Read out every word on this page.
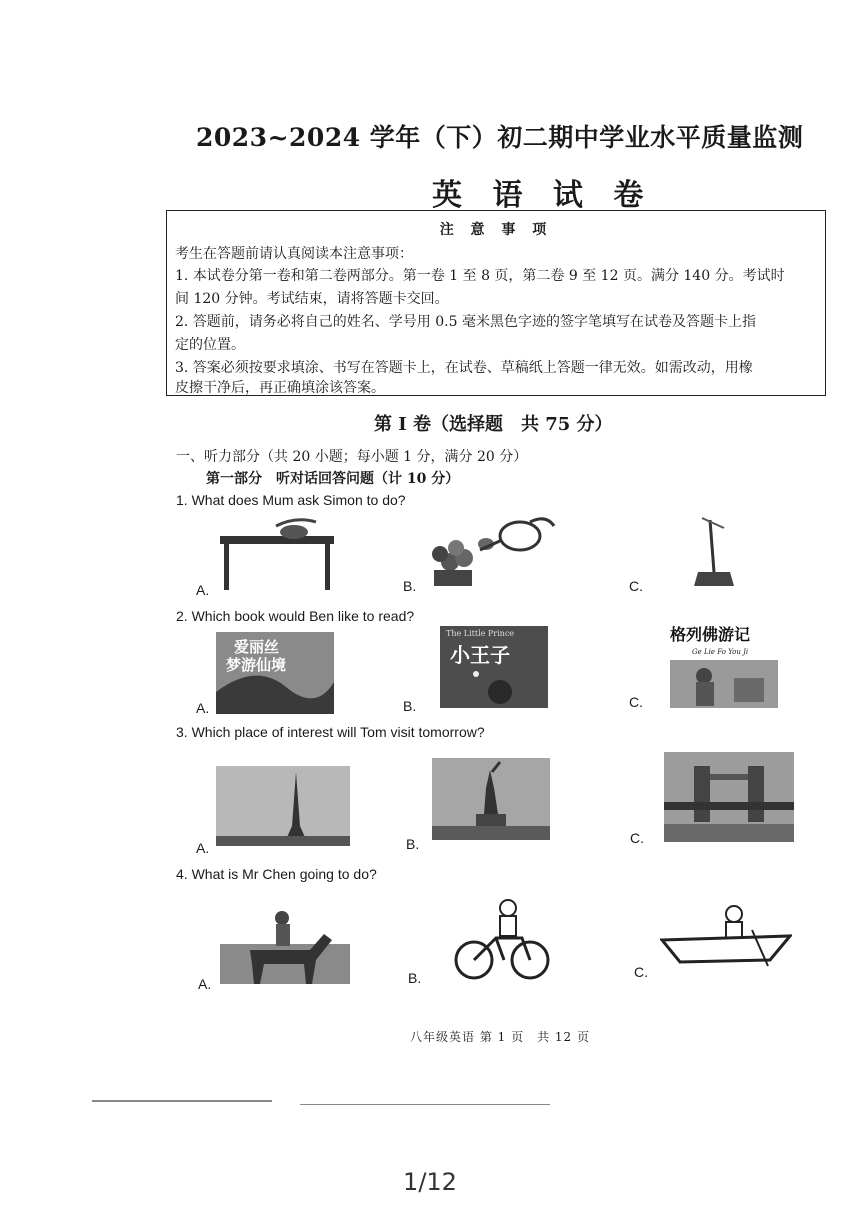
2023~2024 学年（下）初二期中学业水平质量监测
英 语 试 卷
注 意 事 项
考生在答题前请认真阅读本注意事项：
1. 本试卷分第一卷和第二卷两部分。第一卷 1 至 8 页，第二卷 9 至 12 页。满分 140 分。考试时
间 120 分钟。考试结束，请将答题卡交回。
2. 答题前，请务必将自己的姓名、学号用 0.5 毫米黑色字迹的签字笔填写在试卷及答题卡上指
定的位置。
3. 答案必须按要求填涂、书写在答题卡上，在试卷、草稿纸上答题一律无效。如需改动，用橡
皮擦干净后，再正确填涂该答案。
第 I 卷（选择题　共 75 分）
一、听力部分（共 20 小题；每小题 1 分，满分 20 分）
第一部分　听对话回答问题（计 10 分）
1. What does Mum ask Simon to do?
A.	B.	C.
2. Which book would Ben like to read?
A.
爱丽丝
梦游仙境
B.
The Little Prince
小王子
C.
格列佛游记
Ge Lie Fo You Ji
3. Which place of interest will Tom visit tomorrow?
A.	B.	C.
4. What is Mr Chen going to do?
A.	B.	C.
八年级英语 第 1 页　共 12 页
1/12
